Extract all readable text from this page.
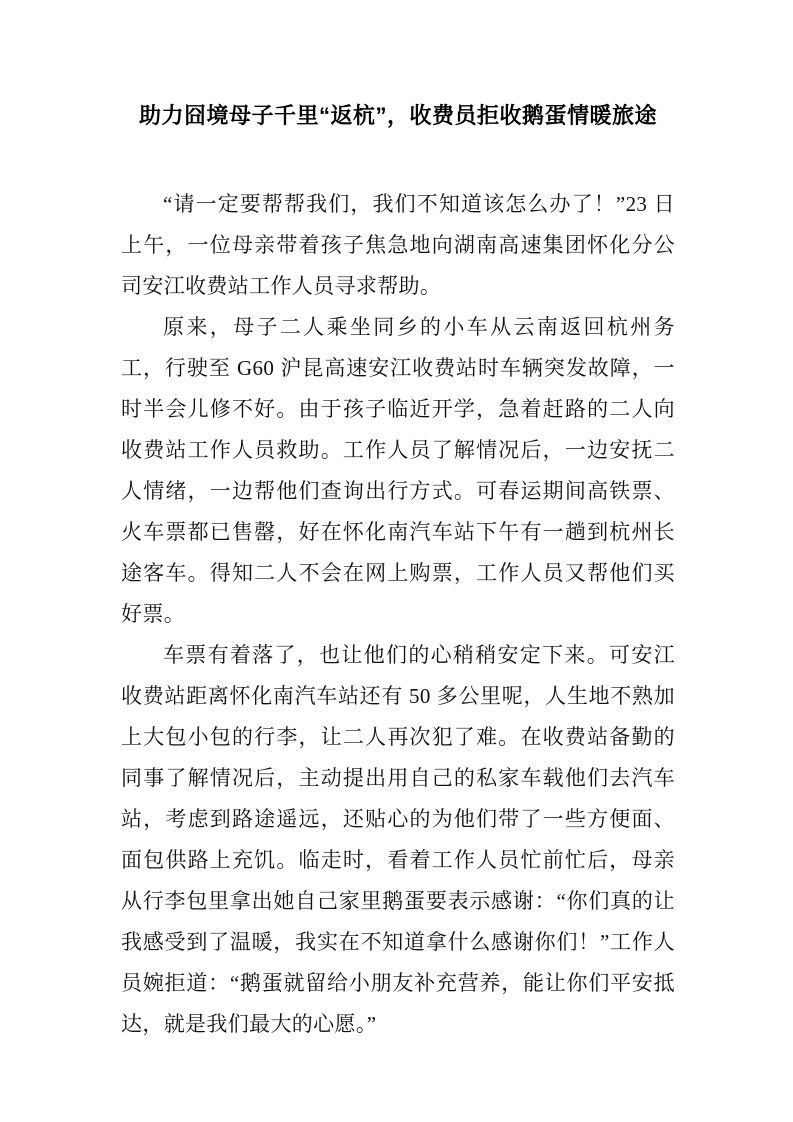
助力囧境母子千里“返杭”，收费员拒收鹅蛋情暖旅途

“请一定要帮帮我们，我们不知道该怎么办了！”23 日上午，一位母亲带着孩子焦急地向湖南高速集团怀化分公司安江收费站工作人员寻求帮助。

原来，母子二人乘坐同乡的小车从云南返回杭州务工，行驶至 G60 沪昆高速安江收费站时车辆突发故障，一时半会儿修不好。由于孩子临近开学，急着赶路的二人向收费站工作人员救助。工作人员了解情况后，一边安抚二人情绪，一边帮他们查询出行方式。可春运期间高铁票、火车票都已售罄，好在怀化南汽车站下午有一趟到杭州长途客车。得知二人不会在网上购票，工作人员又帮他们买好票。

车票有着落了，也让他们的心稍稍安定下来。可安江收费站距离怀化南汽车站还有 50 多公里呢，人生地不熟加上大包小包的行李，让二人再次犯了难。在收费站备勤的同事了解情况后，主动提出用自己的私家车载他们去汽车站，考虑到路途遥远，还贴心的为他们带了一些方便面、面包供路上充饥。临走时，看着工作人员忙前忙后，母亲从行李包里拿出她自己家里鹅蛋要表示感谢：“你们真的让我感受到了温暖，我实在不知道拿什么感谢你们！”工作人员婉拒道：“鹅蛋就留给小朋友补充营养，能让你们平安抵达，就是我们最大的心愿。”
